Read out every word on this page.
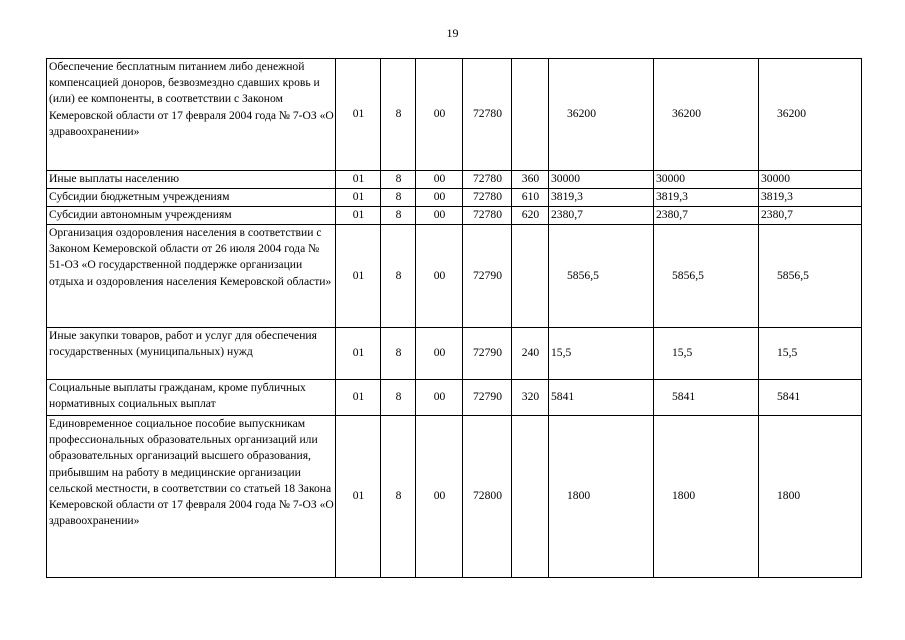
19
Обеспечение бесплатным питанием либо денежной компенсацией доноров, безвозмездно сдавших кровь и (или) ее компоненты, в соответствии с Законом Кемеровской области от 17 февраля 2004 года № 7-ОЗ «О здравоохранении»	01	8	00	72780		36200	36200	36200
Иные выплаты населению	01	8	00	72780	360	30000	30000	30000
Субсидии бюджетным учреждениям	01	8	00	72780	610	3819,3	3819,3	3819,3
Субсидии автономным учреждениям	01	8	00	72780	620	2380,7	2380,7	2380,7
Организация оздоровления населения в соответствии с Законом Кемеровской области от 26 июля 2004 года № 51-ОЗ «О государственной поддержке организации отдыха и оздоровления населения Кемеровской области»	01	8	00	72790		5856,5	5856,5	5856,5
Иные закупки товаров, работ и услуг для обеспечения государственных (муниципальных) нужд	01	8	00	72790	240	15,5	15,5	15,5
Социальные выплаты гражданам, кроме публичных нормативных социальных выплат	01	8	00	72790	320	5841	5841	5841
Единовременное социальное пособие выпускникам профессиональных образовательных организаций или образовательных организаций высшего образования, прибывшим на работу в медицинские организации сельской местности, в соответствии со статьей 18 Закона Кемеровской области от 17 февраля 2004 года № 7-ОЗ «О здравоохранении»	01	8	00	72800		1800	1800	1800
